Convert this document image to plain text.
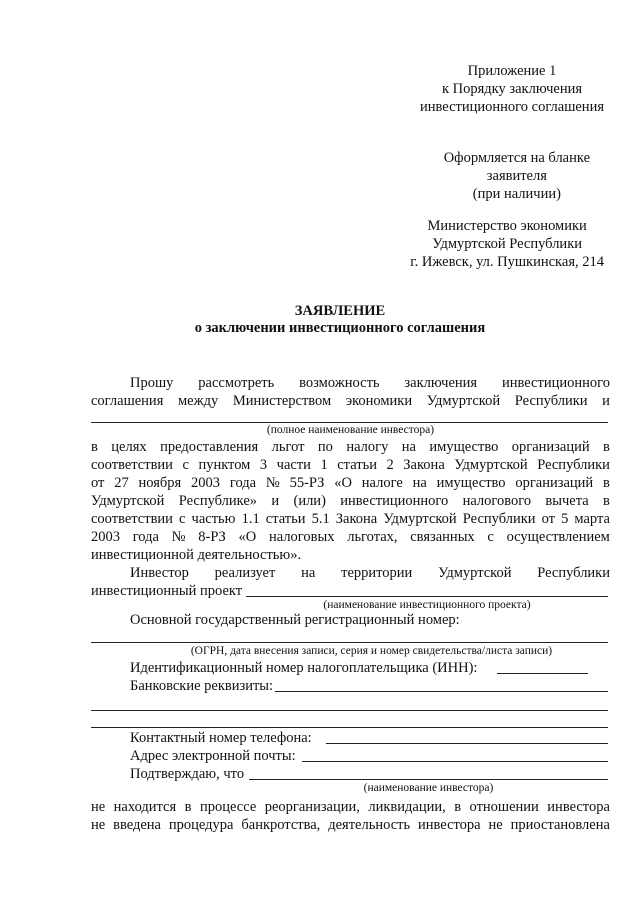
Приложение 1
к Порядку заключения
инвестиционного соглашения
Оформляется на бланке
заявителя
(при наличии)
Министерство экономики
Удмуртской Республики
г. Ижевск, ул. Пушкинская, 214
ЗАЯВЛЕНИЕ
о заключении инвестиционного соглашения
Прошу рассмотреть возможность заключения инвестиционного
соглашения между Министерством экономики Удмуртской Республики и
(полное наименование инвестора)
в целях предоставления льгот по налогу на имущество организаций в
соответствии с пунктом 3 части 1 статьи 2 Закона Удмуртской Республики
от 27 ноября 2003 года № 55-РЗ «О налоге на имущество организаций в
Удмуртской Республике» и (или) инвестиционного налогового вычета в
соответствии с частью 1.1 статьи 5.1 Закона Удмуртской Республики от 5 марта
2003 года № 8-РЗ «О налоговых льготах, связанных с осуществлением
инвестиционной деятельностью».
Инвестор реализует на территории Удмуртской Республики
инвестиционный проект
(наименование инвестиционного проекта)
Основной государственный регистрационный номер:
(ОГРН, дата внесения записи, серия и номер свидетельства/листа записи)
Идентификационный номер налогоплательщика (ИНН):
Банковские реквизиты:
Контактный номер телефона:
Адрес электронной почты:
Подтверждаю, что
(наименование инвестора)
не находится в процессе реорганизации, ликвидации, в отношении инвестора
не введена процедура банкротства, деятельность инвестора не приостановлена
